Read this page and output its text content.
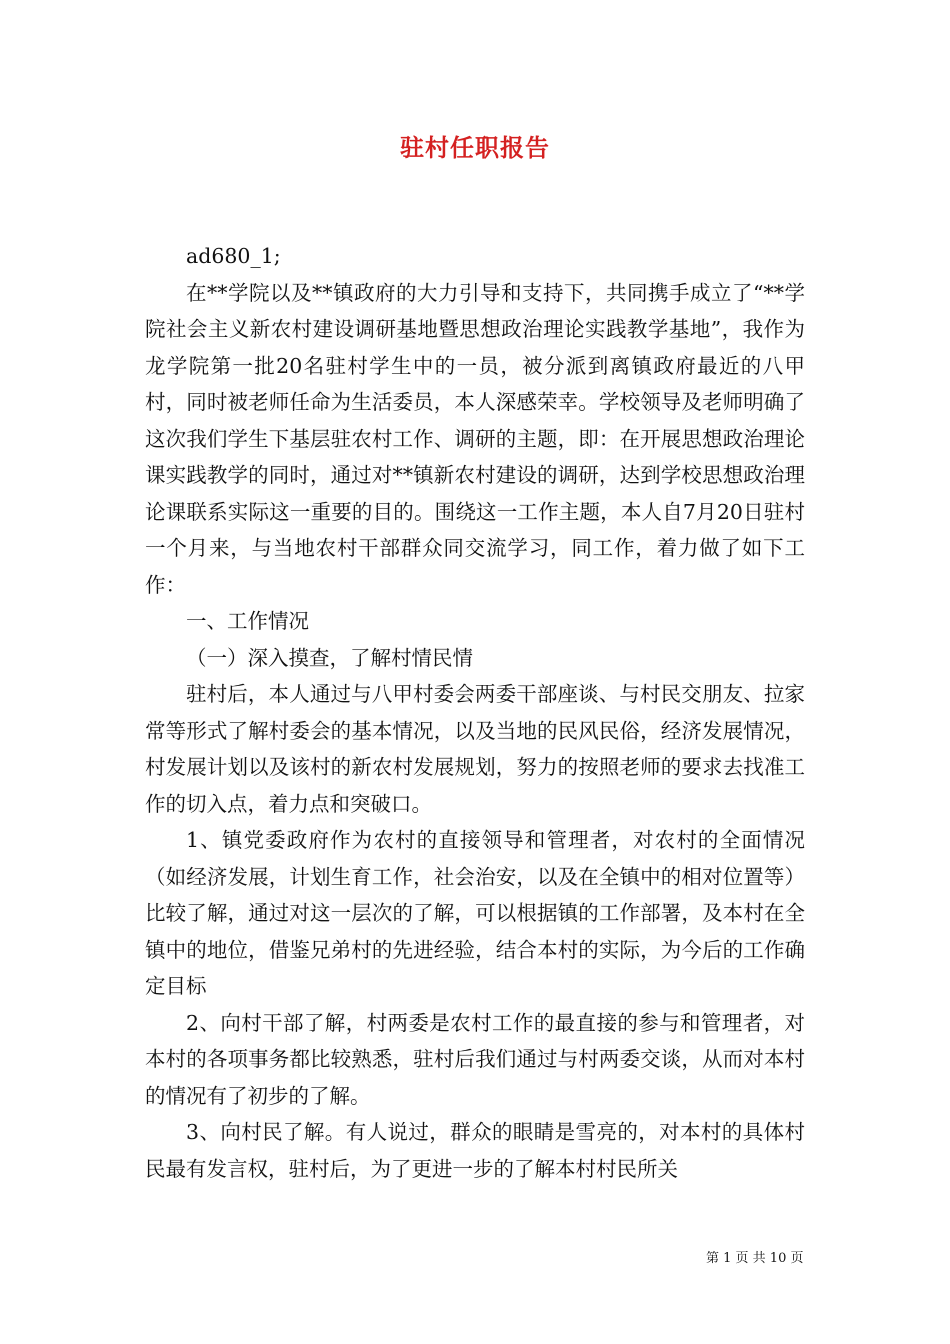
驻村任职报告

ad680_1;

在**学院以及**镇政府的大力引导和支持下，共同携手成立了“**学院社会主义新农村建设调研基地暨思想政治理论实践教学基地”，我作为龙学院第一批20名驻村学生中的一员，被分派到离镇政府最近的八甲村，同时被老师任命为生活委员，本人深感荣幸。学校领导及老师明确了这次我们学生下基层驻农村工作、调研的主题，即：在开展思想政治理论课实践教学的同时，通过对**镇新农村建设的调研，达到学校思想政治理论课联系实际这一重要的目的。围绕这一工作主题，本人自7月20日驻村一个月来，与当地农村干部群众同交流学习，同工作，着力做了如下工作：

一、工作情况

（一）深入摸查，了解村情民情

驻村后，本人通过与八甲村委会两委干部座谈、与村民交朋友、拉家常等形式了解村委会的基本情况，以及当地的民风民俗，经济发展情况，村发展计划以及该村的新农村发展规划，努力的按照老师的要求去找准工作的切入点，着力点和突破口。

1、镇党委政府作为农村的直接领导和管理者，对农村的全面情况（如经济发展，计划生育工作，社会治安，以及在全镇中的相对位置等）比较了解，通过对这一层次的了解，可以根据镇的工作部署，及本村在全镇中的地位，借鉴兄弟村的先进经验，结合本村的实际，为今后的工作确定目标

2、向村干部了解，村两委是农村工作的最直接的参与和管理者，对本村的各项事务都比较熟悉，驻村后我们通过与村两委交谈，从而对本村的情况有了初步的了解。

3、向村民了解。有人说过，群众的眼睛是雪亮的，对本村的具体村民最有发言权，驻村后，为了更进一步的了解本村村民所关

第 1 页 共 10 页
